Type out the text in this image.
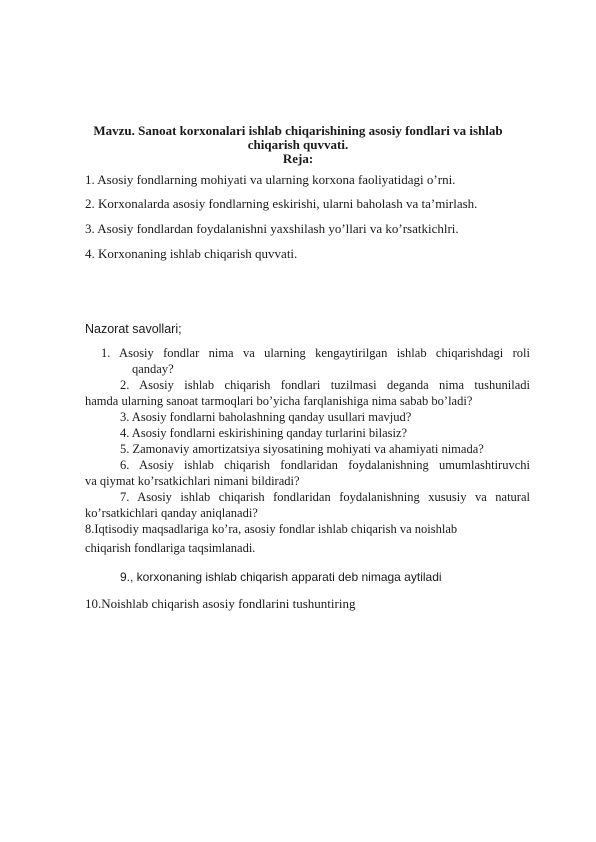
Mavzu. Sanoat korxonalari ishlab chiqarishining asosiy fondlari va ishlab
chiqarish quvvati.
Reja:
1. Asosiy fondlarning mohiyati va ularning korxona faoliyatidagi o’rni.
2. Korxonalarda asosiy fondlarning eskirishi, ularni baholash va ta’mirlash.
3. Asosiy fondlardan foydalanishni yaxshilash yo’llari va ko’rsatkichlri.
4. Korxonaning ishlab chiqarish quvvati.
Nazorat savollari;
1. Asosiy fondlar nima va ularning kengaytirilgan ishlab chiqarishdagi roli
qanday?
2. Asosiy ishlab chiqarish fondlari tuzilmasi deganda nima tushuniladi
hamda ularning sanoat tarmoqlari bo’yicha farqlanishiga nima sabab bo’ladi?
3. Asosiy fondlarni baholashning qanday usullari mavjud?
4. Asosiy fondlarni eskirishining qanday turlarini bilasiz?
5. Zamonaviy amortizatsiya siyosatining mohiyati va ahamiyati nimada?
6. Asosiy ishlab chiqarish fondlaridan foydalanishning umumlashtiruvchi
va qiymat ko’rsatkichlari nimani bildiradi?
7. Asosiy ishlab chiqarish fondlaridan foydalanishning xususiy va natural
ko’rsatkichlari qanday aniqlanadi?
8.Iqtisodiy maqsadlariga ko’ra, asosiy fondlar ishlab chiqarish va noishlab
chiqarish fondlariga taqsimlanadi.
9., korxonaning ishlab chiqarish apparati deb nimaga aytiladi
10.Noishlab chiqarish asosiy fondlarini tushuntiring
